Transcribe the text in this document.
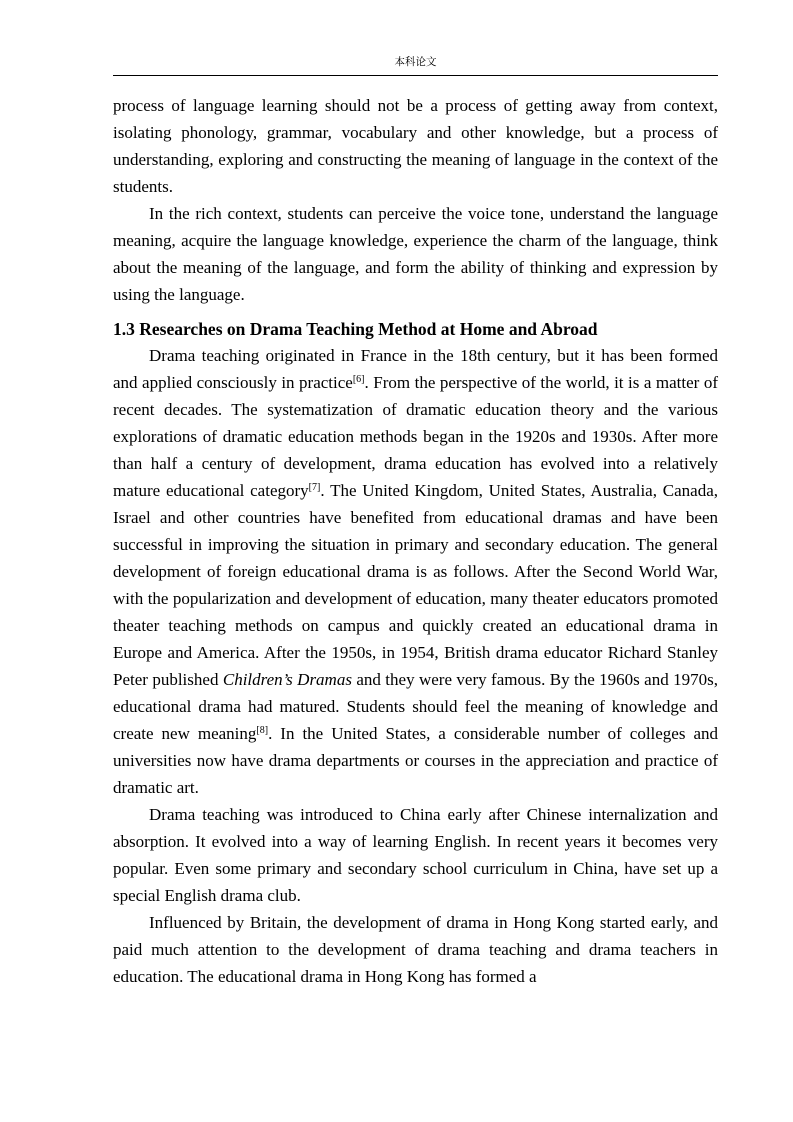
本科论文

process of language learning should not be a process of getting away from context, isolating phonology, grammar, vocabulary and other knowledge, but a process of understanding, exploring and constructing the meaning of language in the context of the students.

In the rich context, students can perceive the voice tone, understand the language meaning, acquire the language knowledge, experience the charm of the language, think about the meaning of the language, and form the ability of thinking and expression by using the language.

1.3 Researches on Drama Teaching Method at Home and Abroad

Drama teaching originated in France in the 18th century, but it has been formed and applied consciously in practice[6]. From the perspective of the world, it is a matter of recent decades. The systematization of dramatic education theory and the various explorations of dramatic education methods began in the 1920s and 1930s. After more than half a century of development, drama education has evolved into a relatively mature educational category[7]. The United Kingdom, United States, Australia, Canada, Israel and other countries have benefited from educational dramas and have been successful in improving the situation in primary and secondary education. The general development of foreign educational drama is as follows. After the Second World War, with the popularization and development of education, many theater educators promoted theater teaching methods on campus and quickly created an educational drama in Europe and America. After the 1950s, in 1954, British drama educator Richard Stanley Peter published Children’s Dramas and they were very famous. By the 1960s and 1970s, educational drama had matured. Students should feel the meaning of knowledge and create new meaning[8]. In the United States, a considerable number of colleges and universities now have drama departments or courses in the appreciation and practice of dramatic art.

Drama teaching was introduced to China early after Chinese internalization and absorption. It evolved into a way of learning English. In recent years it becomes very popular. Even some primary and secondary school curriculum in China, have set up a special English drama club.

Influenced by Britain, the development of drama in Hong Kong started early, and paid much attention to the development of drama teaching and drama teachers in education. The educational drama in Hong Kong has formed a
